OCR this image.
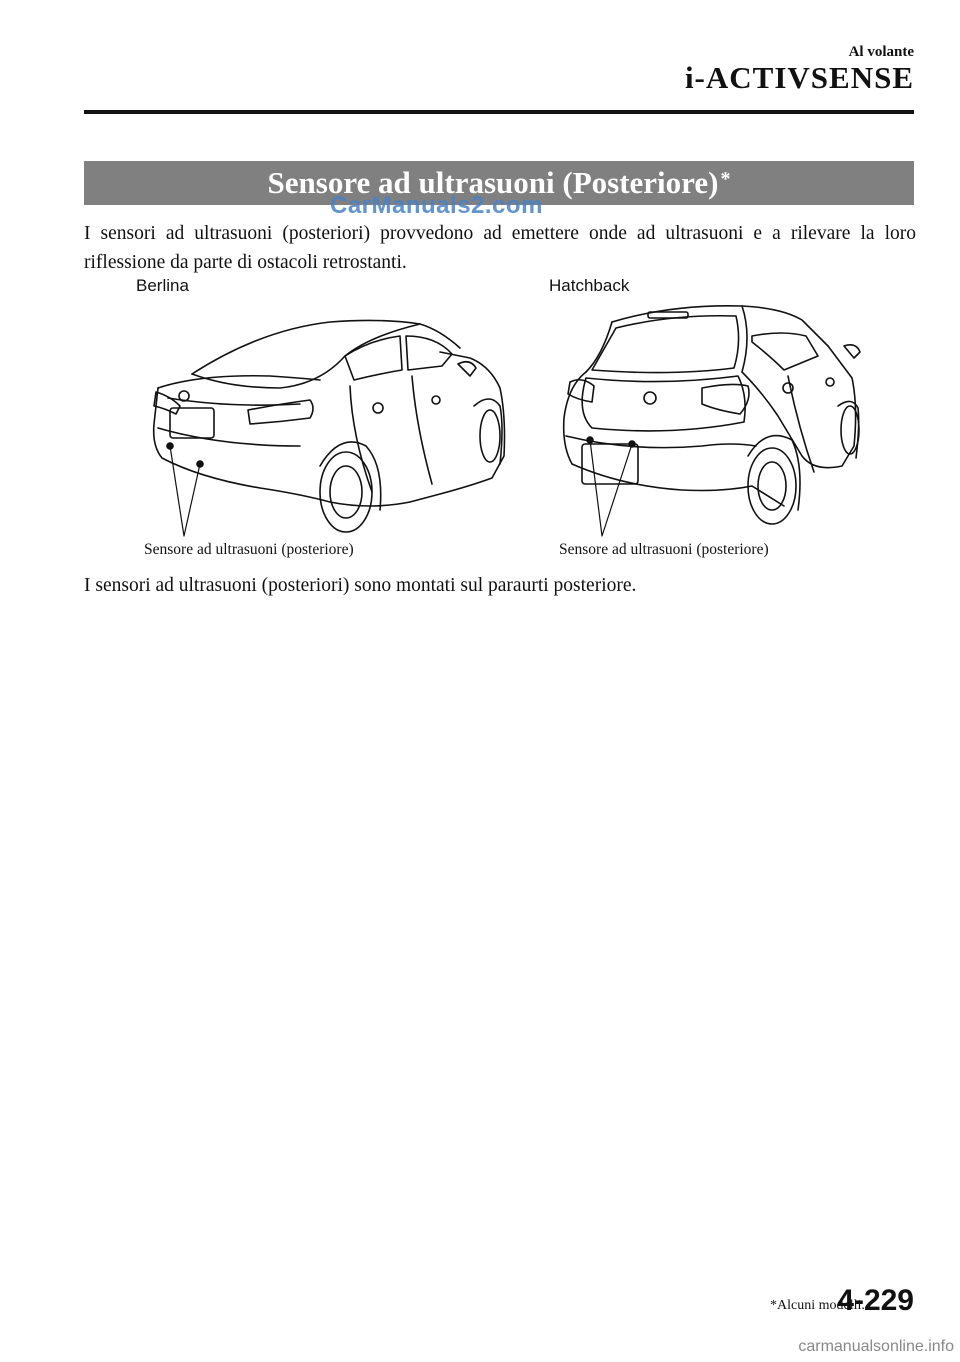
Al volante
i-ACTIVSENSE
Sensore ad ultrasuoni (Posteriore)*
CarManuals2.com
I sensori ad ultrasuoni (posteriori) provvedono ad emettere onde ad ultrasuoni e a rilevare la loro riflessione da parte di ostacoli retrostanti.
Berlina
Sensore ad ultrasuoni (posteriore)
Hatchback
Sensore ad ultrasuoni (posteriore)
I sensori ad ultrasuoni (posteriori) sono montati sul paraurti posteriore.
*Alcuni modelli.
4-229
carmanualsonline.info
